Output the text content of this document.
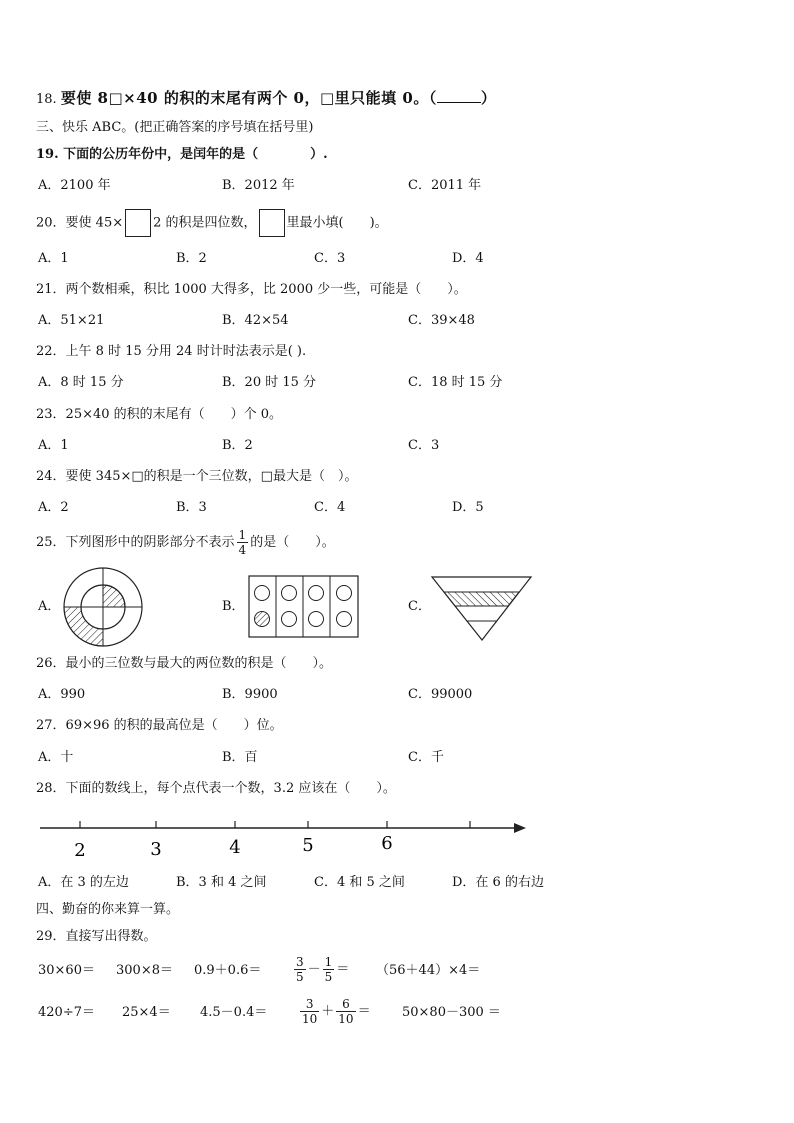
18. 要使 8□×40 的积的末尾有两个 0，□里只能填 0。（	）
三、快乐 ABC。(把正确答案的序号填在括号里)
19. 下面的公历年份中，是闰年的是（　　　　）.
A．2100 年	B．2012 年	C．2011 年
20．要使 45× 2 的积是四位数， 里最小填(　　)。
A．1	B．2	C．3	D．4
21．两个数相乘，积比 1000 大得多，比 2000 少一些，可能是（　　）。
A．51×21	B．42×54	C．39×48
22．上午 8 时 15 分用 24 时计时法表示是( ).
A．8 时 15 分	B．20 时 15 分	C．18 时 15 分
23．25×40 的积的末尾有（　　）个 0。
A．1	B．2	C．3
24．要使 345×□的积是一个三位数，□最大是（　）。
A．2	B．3	C．4	D．5
25．下列图形中的阴影部分不表示 $\frac{1}{4}$ 的是（　　）。
A．	B．	C．
26．最小的三位数与最大的两位数的积是（　　）。
A．990	B．9900	C．99000
27．69×96 的积的最高位是（　　）位。
A．十	B．百	C．千
28．下面的数线上，每个点代表一个数，3.2 应该在（　　）。
2	3	4	5	6
A．在 3 的左边	B．3 和 4 之间	C．4 和 5 之间	D．在 6 的右边
四、勤奋的你来算一算。
29．直接写出得数。
30×60＝ 300×8＝ 0.9＋0.6＝	$\frac{3}{5} - \frac{1}{5} = (56+44)\times 4=$
420÷7＝ 25×4＝ 4.5－0.4＝	$\frac{3}{10} + \frac{6}{10} = 50\times 80-300$ ＝
